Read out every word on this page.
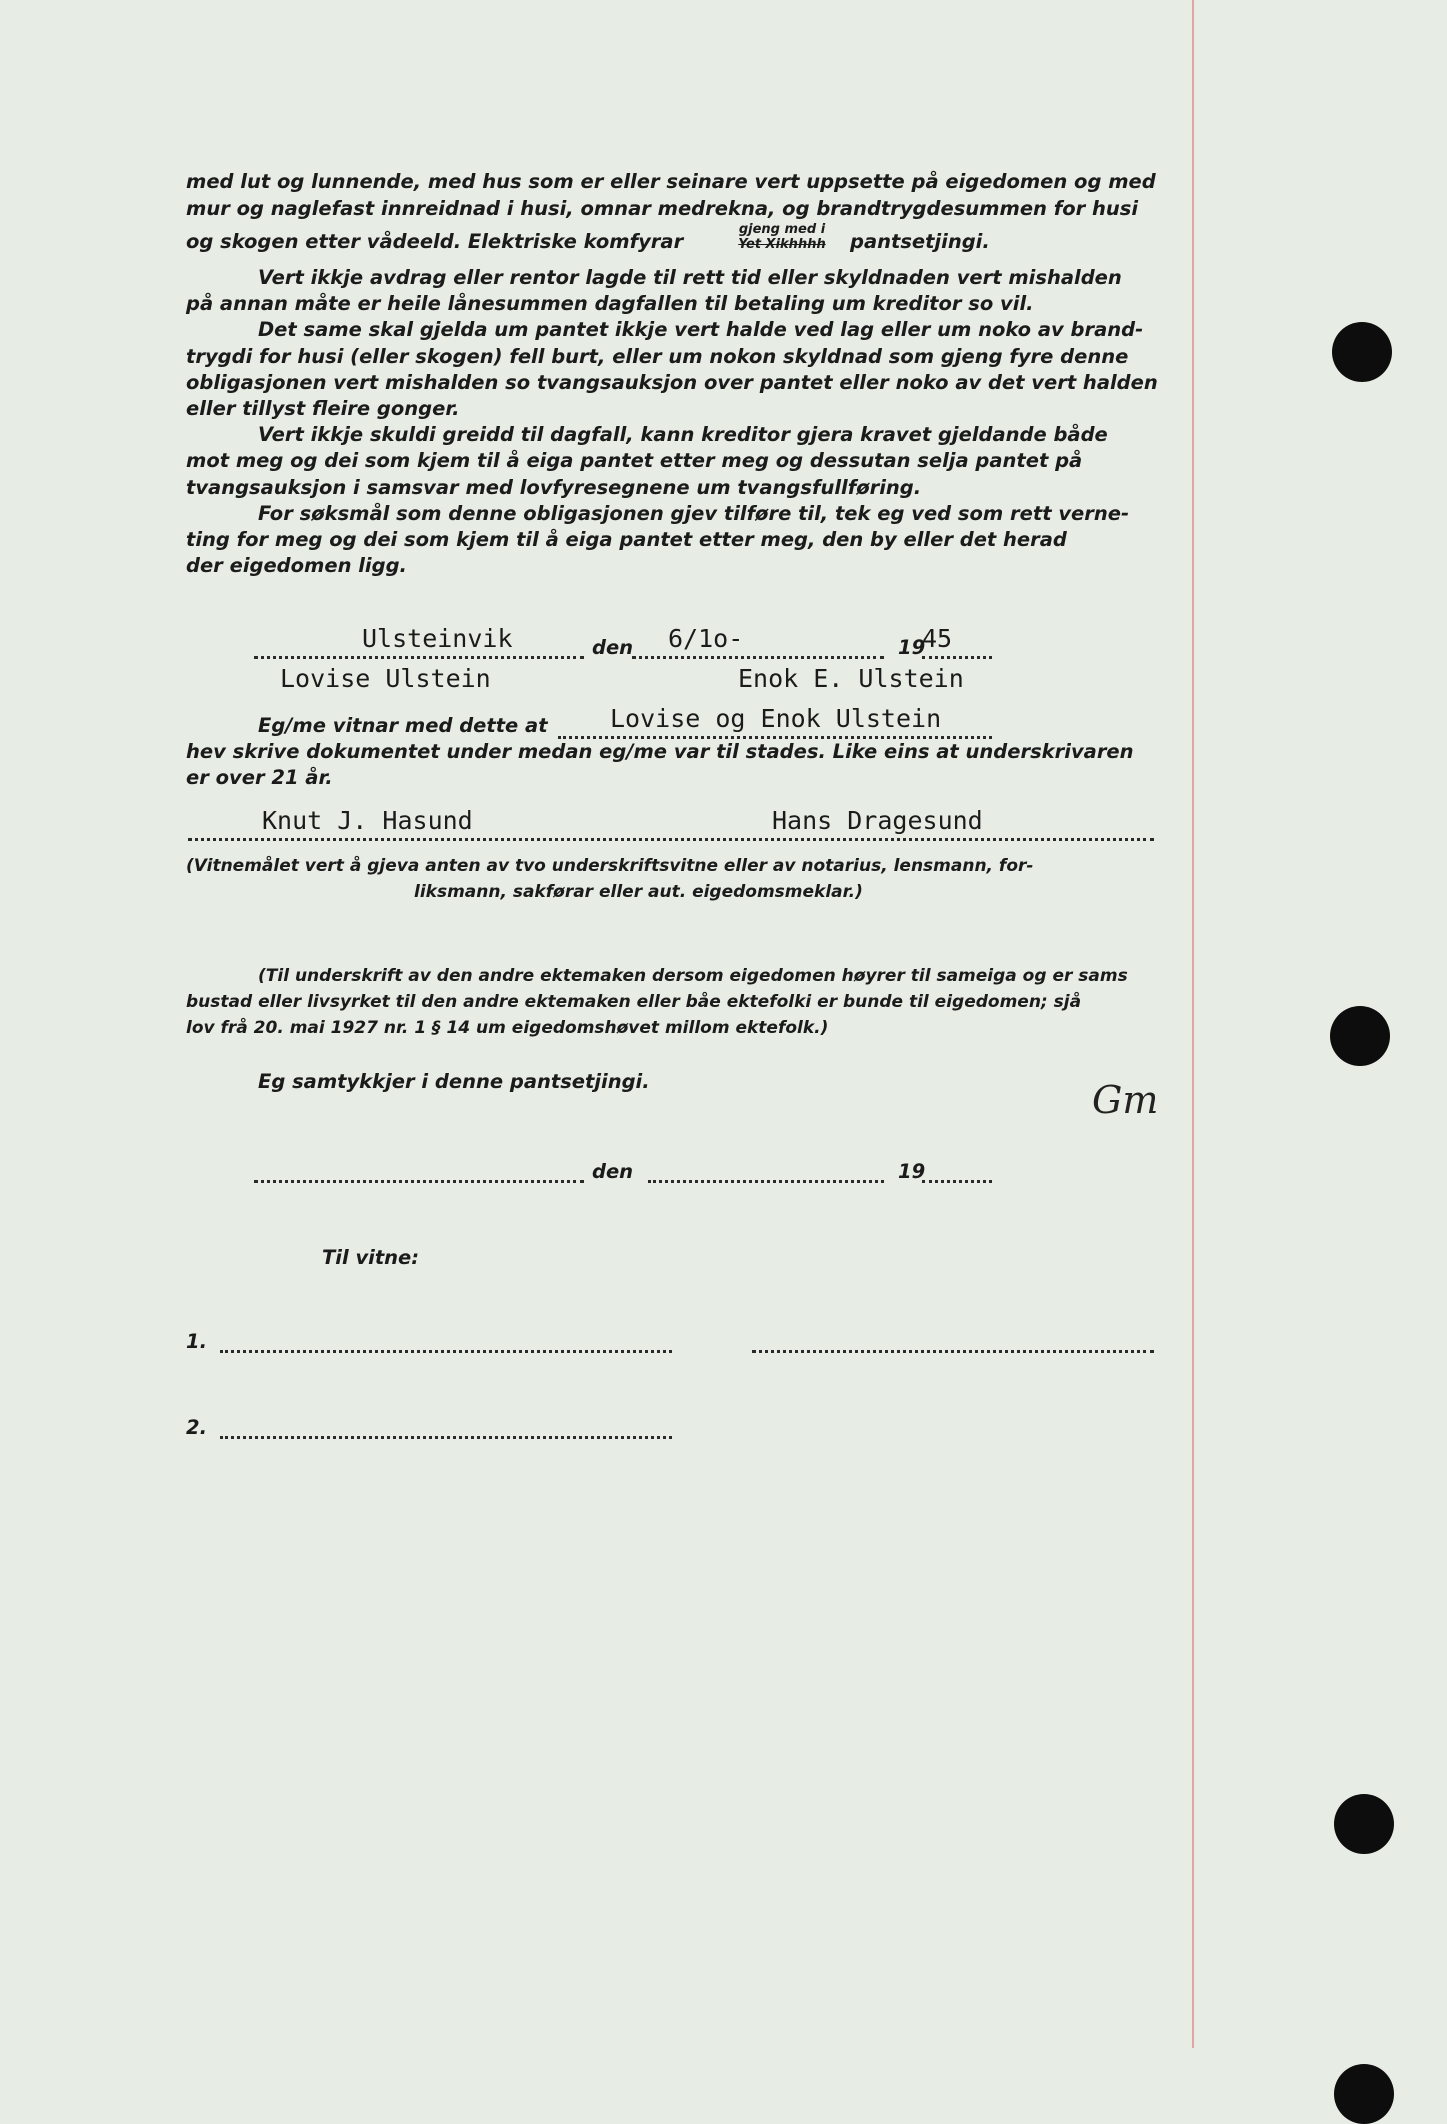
med lut og lunnende, med hus som er eller seinare vert uppsette på eigedomen og med
mur og naglefast innreidnad i husi, omnar medrekna, og brandtrygdesummen for husi
og skogen etter vådeeld. Elektriske komfyrar
gjeng med i
Yet Xikhhhh	pantsetjingi.
Vert ikkje avdrag eller rentor lagde til rett tid eller skyldnaden vert mishalden
på annan måte er heile lånesummen dagfallen til betaling um kreditor so vil.
Det same skal gjelda um pantet ikkje vert halde ved lag eller um noko av brand-
trygdi for husi (eller skogen) fell burt, eller um nokon skyldnad som gjeng fyre denne
obligasjonen vert mishalden so tvangsauksjon over pantet eller noko av det vert halden
eller tillyst fleire gonger.
Vert ikkje skuldi greidd til dagfall, kann kreditor gjera kravet gjeldande både
mot meg og dei som kjem til å eiga pantet etter meg og dessutan selja pantet på
tvangsauksjon i samsvar med lovfyresegnene um tvangsfullføring.
For søksmål som denne obligasjonen gjev tilføre til, tek eg ved som rett verne-
ting for meg og dei som kjem til å eiga pantet etter meg, den by eller det herad
der eigedomen ligg.
Ulsteinvik	den 6/1o-	19
45
Lovise Ulstein	Enok E. Ulstein
Eg/me vitnar med dette at Lovise og Enok Ulstein
hev skrive dokumentet under medan eg/me var til stades. Like eins at underskrivaren
er over 21 år.
Knut J. Hasund	Hans Dragesund
(Vitnemålet vert å gjeva anten av tvo underskriftsvitne eller av notarius, lensmann, for-
liksmann, sakførar eller aut. eigedomsmeklar.)
(Til underskrift av den andre ektemaken dersom eigedomen høyrer til sameiga og er sams
bustad eller livsyrket til den andre ektemaken eller båe ektefolki er bunde til eigedomen; sjå
lov frå 20. mai 1927 nr. 1 § 14 um eigedomshøvet millom ektefolk.)
Eg samtykkjer i denne pantsetjingi.	Gm
den	19
Til vitne:
1.
2.
